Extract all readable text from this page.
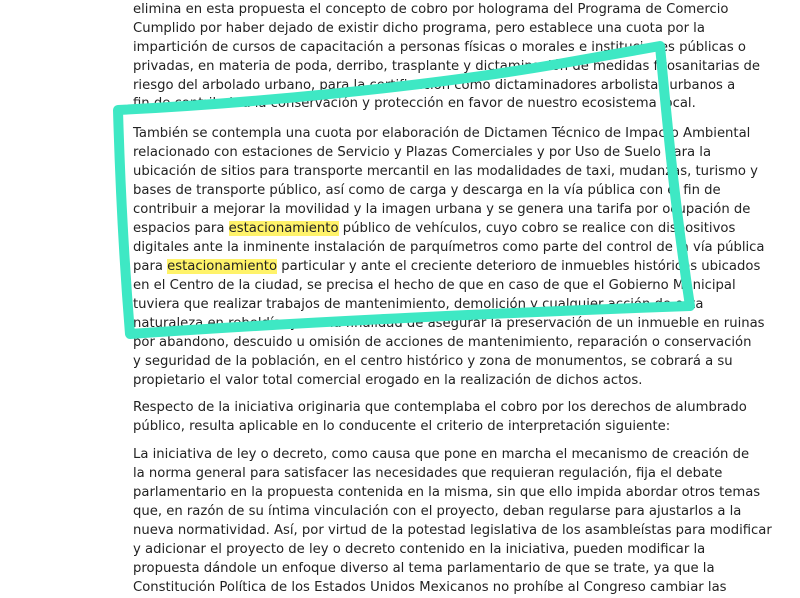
elimina en esta propuesta el concepto de cobro por holograma del Programa de Comercio
Cumplido por haber dejado de existir dicho programa, pero establece una cuota por la
impartición de cursos de capacitación a personas físicas o morales e instituciones públicas o
privadas, en materia de poda, derribo, trasplante y dictaminación de medidas fitosanitarias de
riesgo del arbolado urbano, para la certificación como dictaminadores arbolistas urbanos a
fin de contribuir a la conservación y protección en favor de nuestro ecosistema local.
También se contempla una cuota por elaboración de Dictamen Técnico de Impacto Ambiental
relacionado con estaciones de Servicio y Plazas Comerciales y por Uso de Suelo para la
ubicación de sitios para transporte mercantil en las modalidades de taxi, mudanzas, turismo y
bases de transporte público, así como de carga y descarga en la vía pública con el fin de
contribuir a mejorar la movilidad y la imagen urbana y se genera una tarifa por ocupación de
espacios para estacionamiento público de vehículos, cuyo cobro se realice con dispositivos
digitales ante la inminente instalación de parquímetros como parte del control de la vía pública
para estacionamiento particular y ante el creciente deterioro de inmuebles históricos ubicados
en el Centro de la ciudad, se precisa el hecho de que en caso de que el Gobierno Municipal
tuviera que realizar trabajos de mantenimiento, demolición y cualquier acción de esta
naturaleza en rebeldía  y con la finalidad de asegurar la preservación de un inmueble en ruinas
por abandono, descuido u omisión de acciones de mantenimiento, reparación o conservación
y seguridad de la población, en el centro histórico y zona de monumentos, se cobrará a su
propietario el valor total comercial erogado en la realización de dichos actos.
Respecto de la iniciativa originaria que contemplaba el cobro por los derechos de alumbrado
público, resulta aplicable en lo conducente el criterio de interpretación siguiente:
La iniciativa de ley o decreto, como causa que pone en marcha el mecanismo de creación de
la norma general para satisfacer las necesidades que requieran regulación, fija el debate
parlamentario en la propuesta contenida en la misma, sin que ello impida abordar otros temas
que, en razón de su íntima vinculación con el proyecto, deban regularse para ajustarlos a la
nueva normatividad. Así, por virtud de la potestad legislativa de los asambleístas para modificar
y adicionar el proyecto de ley o decreto contenido en la iniciativa, pueden modificar la
propuesta dándole un enfoque diverso al tema parlamentario de que se trate, ya que la
Constitución Política de los Estados Unidos Mexicanos no prohíbe al Congreso cambiar las
